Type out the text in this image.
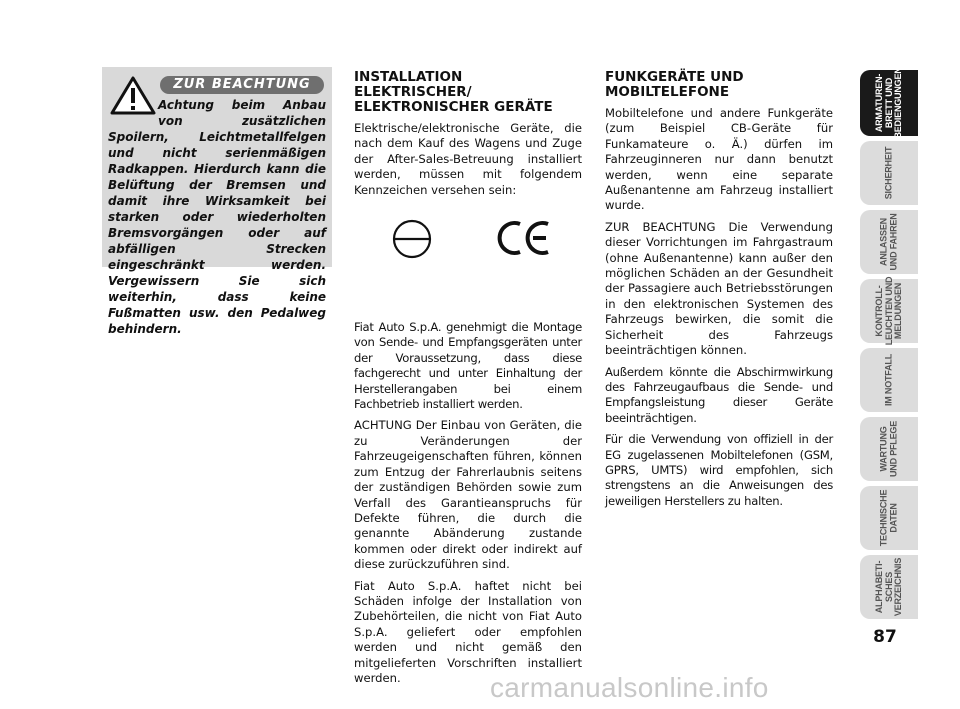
ZUR BEACHTUNG

Achtung beim Anbau von zusätzlichen Spoilern, Leichtmetallfelgen und nicht serienmäßigen Radkappen. Hierdurch kann die Belüftung der Bremsen und damit ihre Wirksamkeit bei starken oder wiederholten Bremsvorgängen oder auf abfälligen Strecken eingeschränkt werden. Vergewissern Sie sich weiterhin, dass keine Fußmatten usw. den Pedalweg behindern.

INSTALLATION ELEKTRISCHER/ ELEKTRONISCHER GERÄTE

Elektrische/elektronische Geräte, die nach dem Kauf des Wagens und Zuge der After-Sales-Betreuung installiert werden, müssen mit folgendem Kennzeichen versehen sein:

Fiat Auto S.p.A. genehmigt die Montage von Sende- und Empfangsgeräten unter der Voraussetzung, dass diese fachgerecht und unter Einhaltung der Herstellerangaben bei einem Fachbetrieb installiert werden.

ACHTUNG Der Einbau von Geräten, die zu Veränderungen der Fahrzeugeigenschaften führen, können zum Entzug der Fahrerlaubnis seitens der zuständigen Behörden sowie zum Verfall des Garantieanspruchs für Defekte führen, die durch die genannte Abänderung zustande kommen oder direkt oder indirekt auf diese zurückzuführen sind.

Fiat Auto S.p.A. haftet nicht bei Schäden infolge der Installation von Zubehörteilen, die nicht von Fiat Auto S.p.A. geliefert oder empfohlen werden und nicht gemäß den mitgelieferten Vorschriften installiert werden.

FUNKGERÄTE UND MOBILTELEFONE

Mobiltelefone und andere Funkgeräte (zum Beispiel CB-Geräte für Funkamateure o. Ä.) dürfen im Fahrzeuginneren nur dann benutzt werden, wenn eine separate Außenantenne am Fahrzeug installiert wurde.

ZUR BEACHTUNG Die Verwendung dieser Vorrichtungen im Fahrgastraum (ohne Außenantenne) kann außer den möglichen Schäden an der Gesundheit der Passagiere auch Betriebsstörungen in den elektronischen Systemen des Fahrzeugs bewirken, die somit die Sicherheit des Fahrzeugs beeinträchtigen können.

Außerdem könnte die Abschirmwirkung des Fahrzeugaufbaus die Sende- und Empfangsleistung dieser Geräte beeinträchtigen.

Für die Verwendung von offiziell in der EG zugelassenen Mobiltelefonen (GSM, GPRS, UMTS) wird empfohlen, sich strengstens an die Anweisungen des jeweiligen Herstellers zu halten.

ARMATUREN-
BRETT UND
BEDIENGUNGEN
SICHERHEIT
ANLASSEN
UND FAHREN
KONTROLL-
LEUCHTEN UND
MELDUNGEN
IM NOTFALL
WARTUNG
UND PFLEGE
TECHNISCHE
DATEN
ALPHABETI-
SCHES
VERZEICHNIS
87
carmanualsonline.info
